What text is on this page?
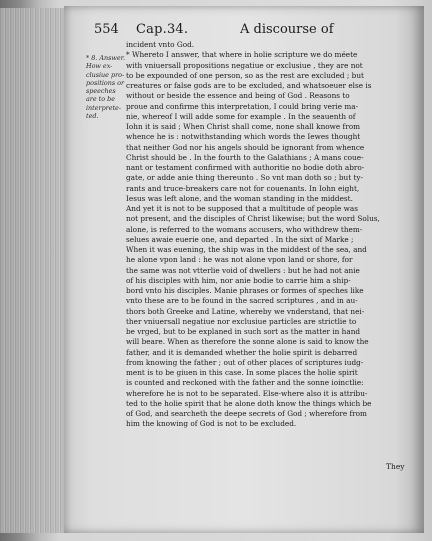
554 Cap.34.	A discourse of
* 8. Answer.
How ex-
clusiue pro-
positions or
speeches
are to be
interprete-
ted.
incident vnto God.
* Whereto I answer, that where in holie scripture we do méete
with vniuersall propositions negatiue or exclusiue , they are not
to be expounded of one person, so as the rest are excluded ; but
creatures or false gods are to be excluded, and whatsoeuer else is
without or beside the essence and being of God . Reasons to
proue and confirme this interpretation, I could bring verie ma-
nie, whereof I will adde some for example . In the seauenth of
Iohn it is said ; When Christ shall come, none shall knowe from
whence he is : notwithstanding which words the Iewes thought
that neither God nor his angels should be ignorant from whence
Christ should be . In the fourth to the Galathians ; A mans coue-
nant or testament confirmed with authoritie no bodie doth abro-
gate, or adde anie thing thereunto . So vnt man doth so ; but ty-
rants and truce-breakers care not for couenants. In Iohn eight,
Iesus was left alone, and the woman standing in the middest.
And yet it is not to be supposed that a multitude of people was
not present, and the disciples of Christ likewise; but the word Solus,
alone, is referred to the womans accusers, who withdrew them-
selues awaie euerie one, and departed . In the sixt of Marke ;
When it was euening, the ship was in the middest of the sea, and
he alone vpon land : he was not alone vpon land or shore, for
the same was not vtterlie void of dwellers : but he had not anie
of his disciples with him, nor anie bodie to carrie him a ship-
bord vnto his disciples. Manie phrases or formes of speches like
vnto these are to be found in the sacred scriptures , and in au-
thors both Greeke and Latine, whereby we vnderstand, that nei-
ther vniuersall negatiue nor exclusiue particles are strictlie to
be vrged, but to be explaned in such sort as the matter in hand
will beare. When as therefore the sonne alone is said to know the
father, and it is demanded whether the holie spirit is debarred
from knowing the father ; out of other places of scriptures iudg-
ment is to be giuen in this case. In some places the holie spirit
is counted and reckoned with the father and the sonne ioinctlie:
wherefore he is not to be separated. Else-where also it is attribu-
ted to the holie spirit that he alone doth know the things which be
of God, and searcheth the deepe secrets of God ; wherefore from
him the knowing of God is not to be excluded.
They
